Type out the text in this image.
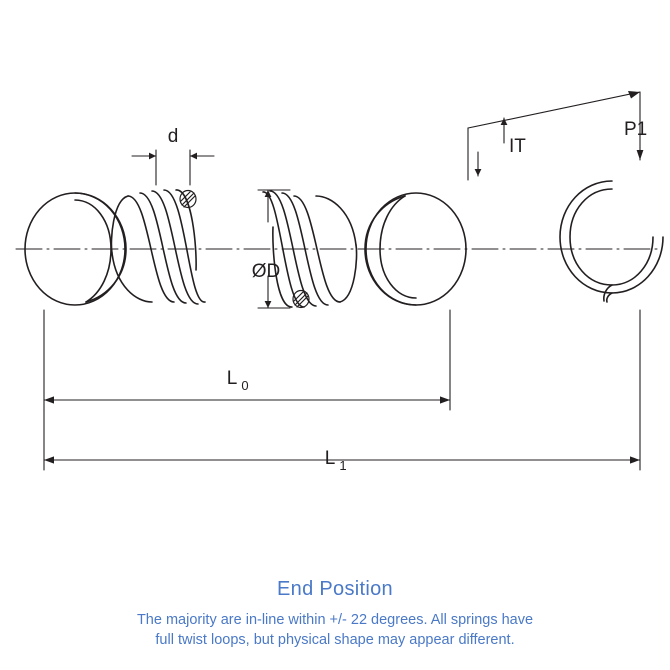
d
ØD
L 0
L 1
IT
P1
End Position
The majority are in-line within +/- 22 degrees. All springs have
full twist loops, but physical shape may appear different.
